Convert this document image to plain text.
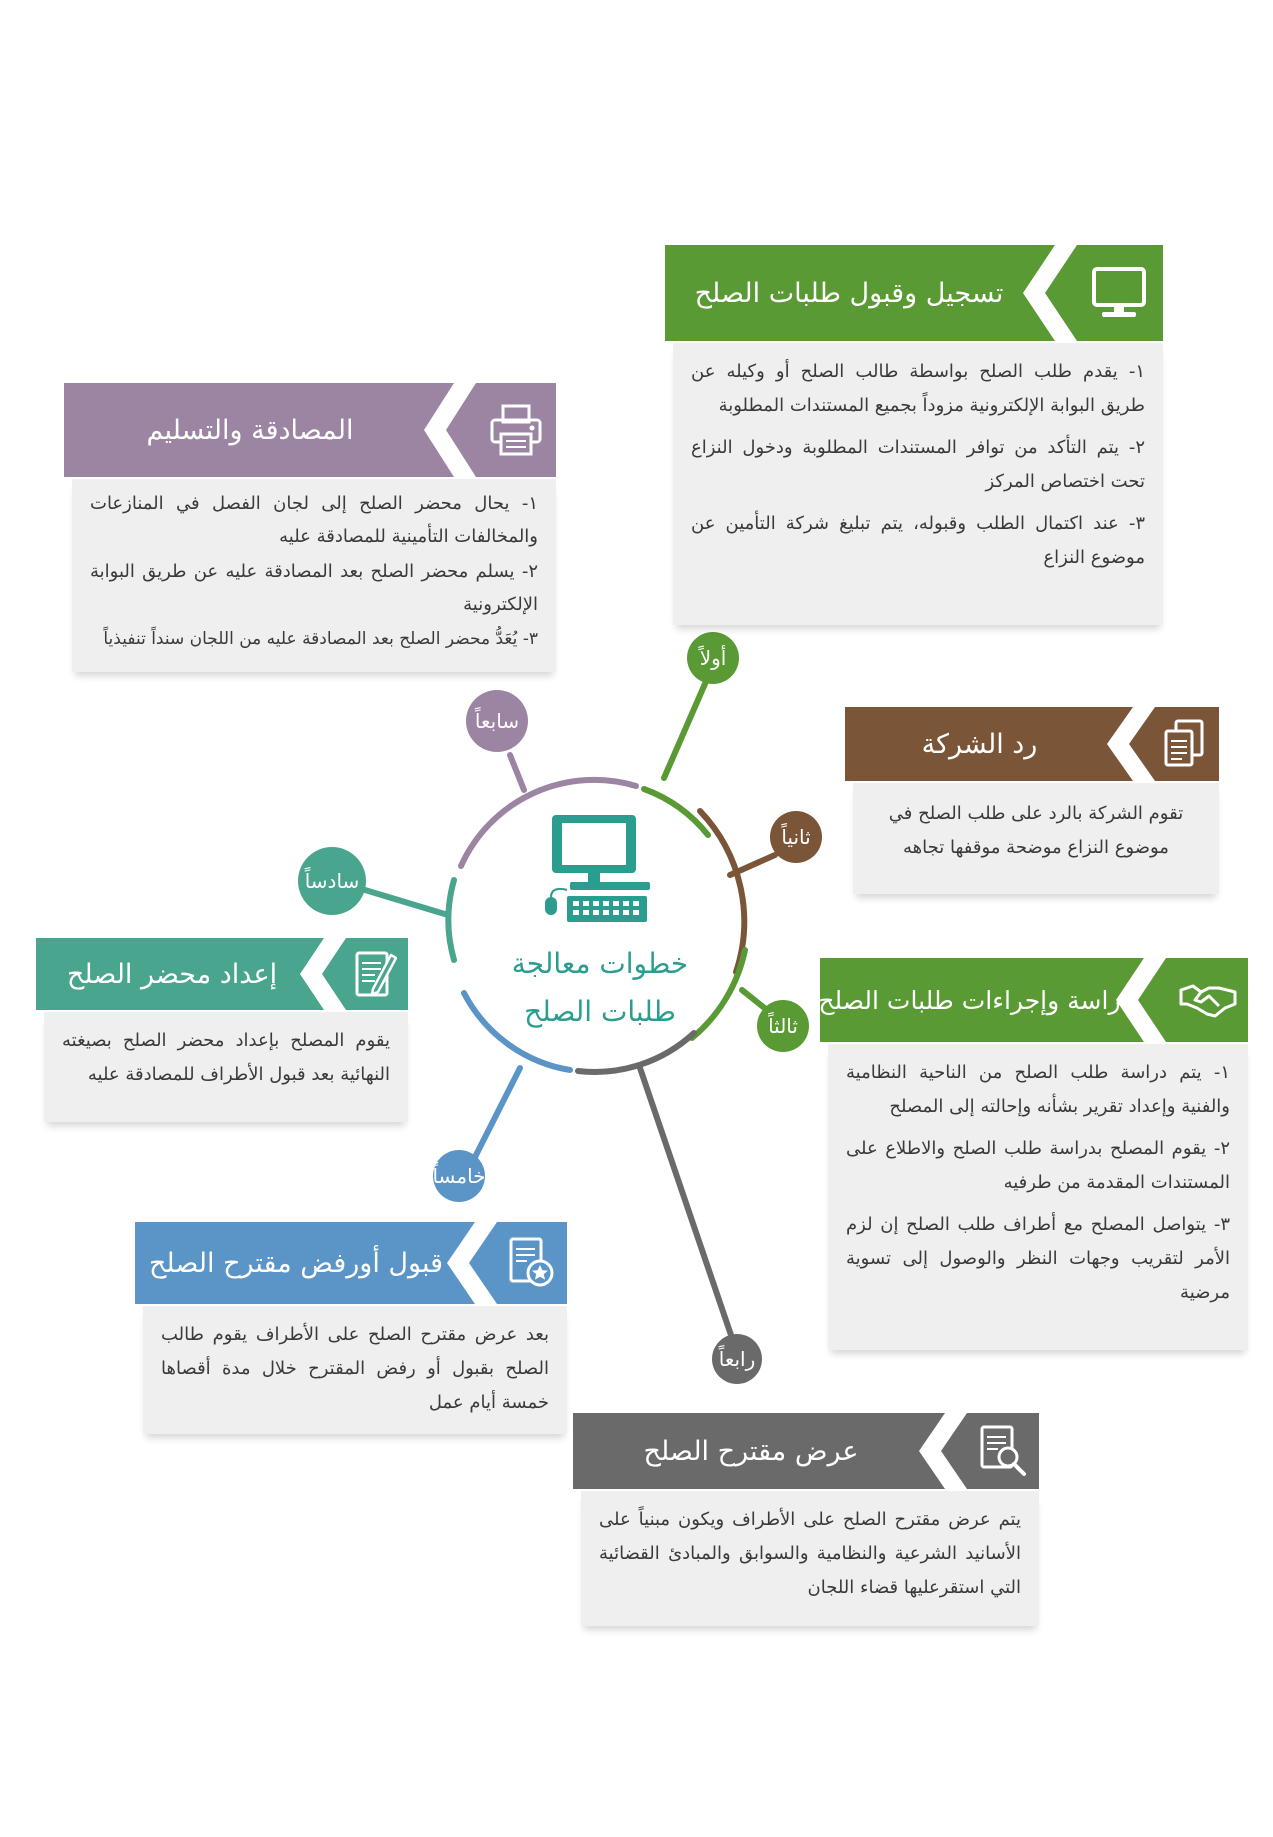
خطوات معالجة
طلبات الصلح
أولاً
ثانياً
ثالثاً
رابعاً
خامساً
سادساً
سابعاً
تسجيل وقبول طلبات الصلح

١- يقدم طلب الصلح بواسطة طالب الصلح أو وكيله عن طريق البوابة الإلكترونية مزوداً بجميع المستندات المطلوبة

٢- يتم التأكد من توافر المستندات المطلوبة ودخول النزاع تحت اختصاص المركز

٣- عند اكتمال الطلب وقبوله، يتم تبليغ شركة التأمين عن موضوع النزاع

رد الشركة

تقوم الشركة بالرد على طلب الصلح في موضوع النزاع موضحة موقفها تجاهه

دراسة وإجراءات طلبات الصلح

١- يتم دراسة طلب الصلح من الناحية النظامية والفنية وإعداد تقرير بشأنه وإحالته إلى المصلح

٢- يقوم المصلح بدراسة طلب الصلح والاطلاع على المستندات المقدمة من طرفيه

٣- يتواصل المصلح مع أطراف طلب الصلح إن لزم الأمر لتقريب وجهات النظر والوصول إلى تسوية مرضية

عرض مقترح الصلح

يتم عرض مقترح الصلح على الأطراف ويكون مبنياً على الأسانيد الشرعية والنظامية والسوابق والمبادئ القضائية التي استقرعليها قضاء اللجان

قبول أورفض مقترح الصلح

بعد عرض مقترح الصلح على الأطراف يقوم طالب الصلح بقبول أو رفض المقترح خلال مدة أقصاها خمسة أيام عمل

إعداد محضر الصلح

يقوم المصلح بإعداد محضر الصلح بصيغته النهائية بعد قبول الأطراف للمصادقة عليه

المصادقة والتسليم

١- يحال محضر الصلح إلى لجان الفصل في المنازعات والمخالفات التأمينية للمصادقة عليه

٢- يسلم محضر الصلح بعد المصادقة عليه عن طريق البوابة الإلكترونية

٣- يُعَدُّ محضر الصلح بعد المصادقة عليه من اللجان سنداً تنفيذياً
